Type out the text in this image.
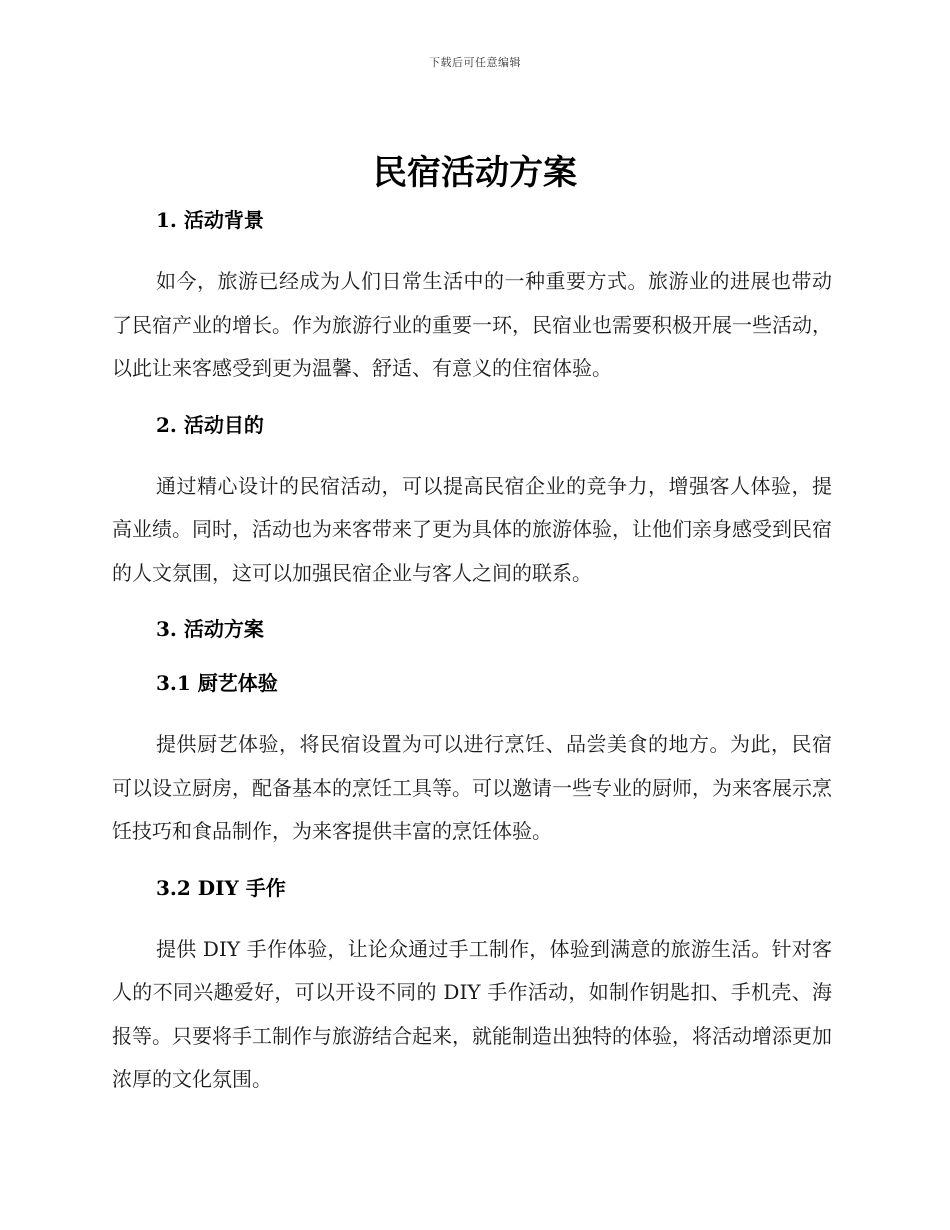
下载后可任意编辑
民宿活动方案
1. 活动背景

如今，旅游已经成为人们日常生活中的一种重要方式。旅游业的进展也带动了民宿产业的增长。作为旅游行业的重要一环，民宿业也需要积极开展一些活动，以此让来客感受到更为温馨、舒适、有意义的住宿体验。

2. 活动目的

通过精心设计的民宿活动，可以提高民宿企业的竞争力，增强客人体验，提高业绩。同时，活动也为来客带来了更为具体的旅游体验，让他们亲身感受到民宿的人文氛围，这可以加强民宿企业与客人之间的联系。

3. 活动方案
3.1 厨艺体验

提供厨艺体验，将民宿设置为可以进行烹饪、品尝美食的地方。为此，民宿可以设立厨房，配备基本的烹饪工具等。可以邀请一些专业的厨师，为来客展示烹饪技巧和食品制作，为来客提供丰富的烹饪体验。

3.2 DIY 手作

提供 DIY 手作体验，让论众通过手工制作，体验到满意的旅游生活。针对客人的不同兴趣爱好，可以开设不同的 DIY 手作活动，如制作钥匙扣、手机壳、海报等。只要将手工制作与旅游结合起来，就能制造出独特的体验，将活动增添更加浓厚的文化氛围。
